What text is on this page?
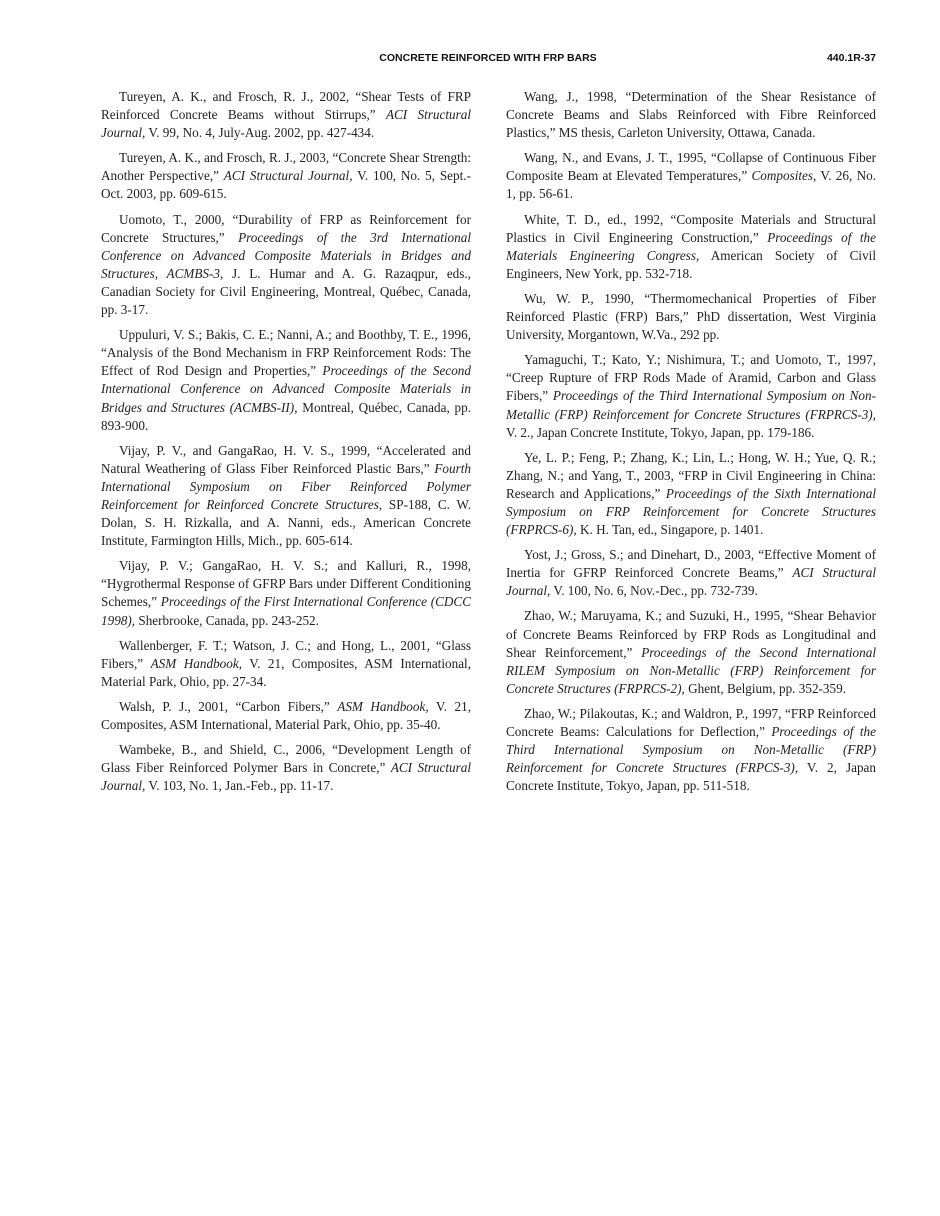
CONCRETE REINFORCED WITH FRP BARS	440.1R-37

Tureyen, A. K., and Frosch, R. J., 2002, “Shear Tests of FRP Reinforced Concrete Beams without Stirrups,” ACI Structural Journal, V. 99, No. 4, July-Aug. 2002, pp. 427-434.

Tureyen, A. K., and Frosch, R. J., 2003, “Concrete Shear Strength: Another Perspective,” ACI Structural Journal, V. 100, No. 5, Sept.-Oct. 2003, pp. 609-615.

Uomoto, T., 2000, “Durability of FRP as Reinforcement for Concrete Structures,” Proceedings of the 3rd International Conference on Advanced Composite Materials in Bridges and Structures, ACMBS-3, J. L. Humar and A. G. Razaqpur, eds., Canadian Society for Civil Engineering, Montreal, Québec, Canada, pp. 3-17.

Uppuluri, V. S.; Bakis, C. E.; Nanni, A.; and Boothby, T. E., 1996, “Analysis of the Bond Mechanism in FRP Reinforcement Rods: The Effect of Rod Design and Properties,” Proceedings of the Second International Conference on Advanced Composite Materials in Bridges and Structures (ACMBS-II), Montreal, Québec, Canada, pp. 893-900.

Vijay, P. V., and GangaRao, H. V. S., 1999, “Accelerated and Natural Weathering of Glass Fiber Reinforced Plastic Bars,” Fourth International Symposium on Fiber Reinforced Polymer Reinforcement for Reinforced Concrete Structures, SP-188, C. W. Dolan, S. H. Rizkalla, and A. Nanni, eds., American Concrete Institute, Farmington Hills, Mich., pp. 605-614.

Vijay, P. V.; GangaRao, H. V. S.; and Kalluri, R., 1998, “Hygrothermal Response of GFRP Bars under Different Conditioning Schemes,” Proceedings of the First International Conference (CDCC 1998), Sherbrooke, Canada, pp. 243-252.

Wallenberger, F. T.; Watson, J. C.; and Hong, L., 2001, “Glass Fibers,” ASM Handbook, V. 21, Composites, ASM International, Material Park, Ohio, pp. 27-34.

Walsh, P. J., 2001, “Carbon Fibers,” ASM Handbook, V. 21, Composites, ASM International, Material Park, Ohio, pp. 35-40.

Wambeke, B., and Shield, C., 2006, “Development Length of Glass Fiber Reinforced Polymer Bars in Concrete,” ACI Structural Journal, V. 103, No. 1, Jan.-Feb., pp. 11-17.

Wang, J., 1998, “Determination of the Shear Resistance of Concrete Beams and Slabs Reinforced with Fibre Reinforced Plastics,” MS thesis, Carleton University, Ottawa, Canada.

Wang, N., and Evans, J. T., 1995, “Collapse of Continuous Fiber Composite Beam at Elevated Temperatures,” Composites, V. 26, No. 1, pp. 56-61.

White, T. D., ed., 1992, “Composite Materials and Structural Plastics in Civil Engineering Construction,” Proceedings of the Materials Engineering Congress, American Society of Civil Engineers, New York, pp. 532-718.

Wu, W. P., 1990, “Thermomechanical Properties of Fiber Reinforced Plastic (FRP) Bars,” PhD dissertation, West Virginia University, Morgantown, W.Va., 292 pp.

Yamaguchi, T.; Kato, Y.; Nishimura, T.; and Uomoto, T., 1997, “Creep Rupture of FRP Rods Made of Aramid, Carbon and Glass Fibers,” Proceedings of the Third International Symposium on Non-Metallic (FRP) Reinforcement for Concrete Structures (FRPRCS-3), V. 2., Japan Concrete Institute, Tokyo, Japan, pp. 179-186.

Ye, L. P.; Feng, P.; Zhang, K.; Lin, L.; Hong, W. H.; Yue, Q. R.; Zhang, N.; and Yang, T., 2003, “FRP in Civil Engineering in China: Research and Applications,” Proceedings of the Sixth International Symposium on FRP Reinforcement for Concrete Structures (FRPRCS-6), K. H. Tan, ed., Singapore, p. 1401.

Yost, J.; Gross, S.; and Dinehart, D., 2003, “Effective Moment of Inertia for GFRP Reinforced Concrete Beams,” ACI Structural Journal, V. 100, No. 6, Nov.-Dec., pp. 732-739.

Zhao, W.; Maruyama, K.; and Suzuki, H., 1995, “Shear Behavior of Concrete Beams Reinforced by FRP Rods as Longitudinal and Shear Reinforcement,” Proceedings of the Second International RILEM Symposium on Non-Metallic (FRP) Reinforcement for Concrete Structures (FRPRCS-2), Ghent, Belgium, pp. 352-359.

Zhao, W.; Pilakoutas, K.; and Waldron, P., 1997, “FRP Reinforced Concrete Beams: Calculations for Deflection,” Proceedings of the Third International Symposium on Non-Metallic (FRP) Reinforcement for Concrete Structures (FRPCS-3), V. 2, Japan Concrete Institute, Tokyo, Japan, pp. 511-518.
